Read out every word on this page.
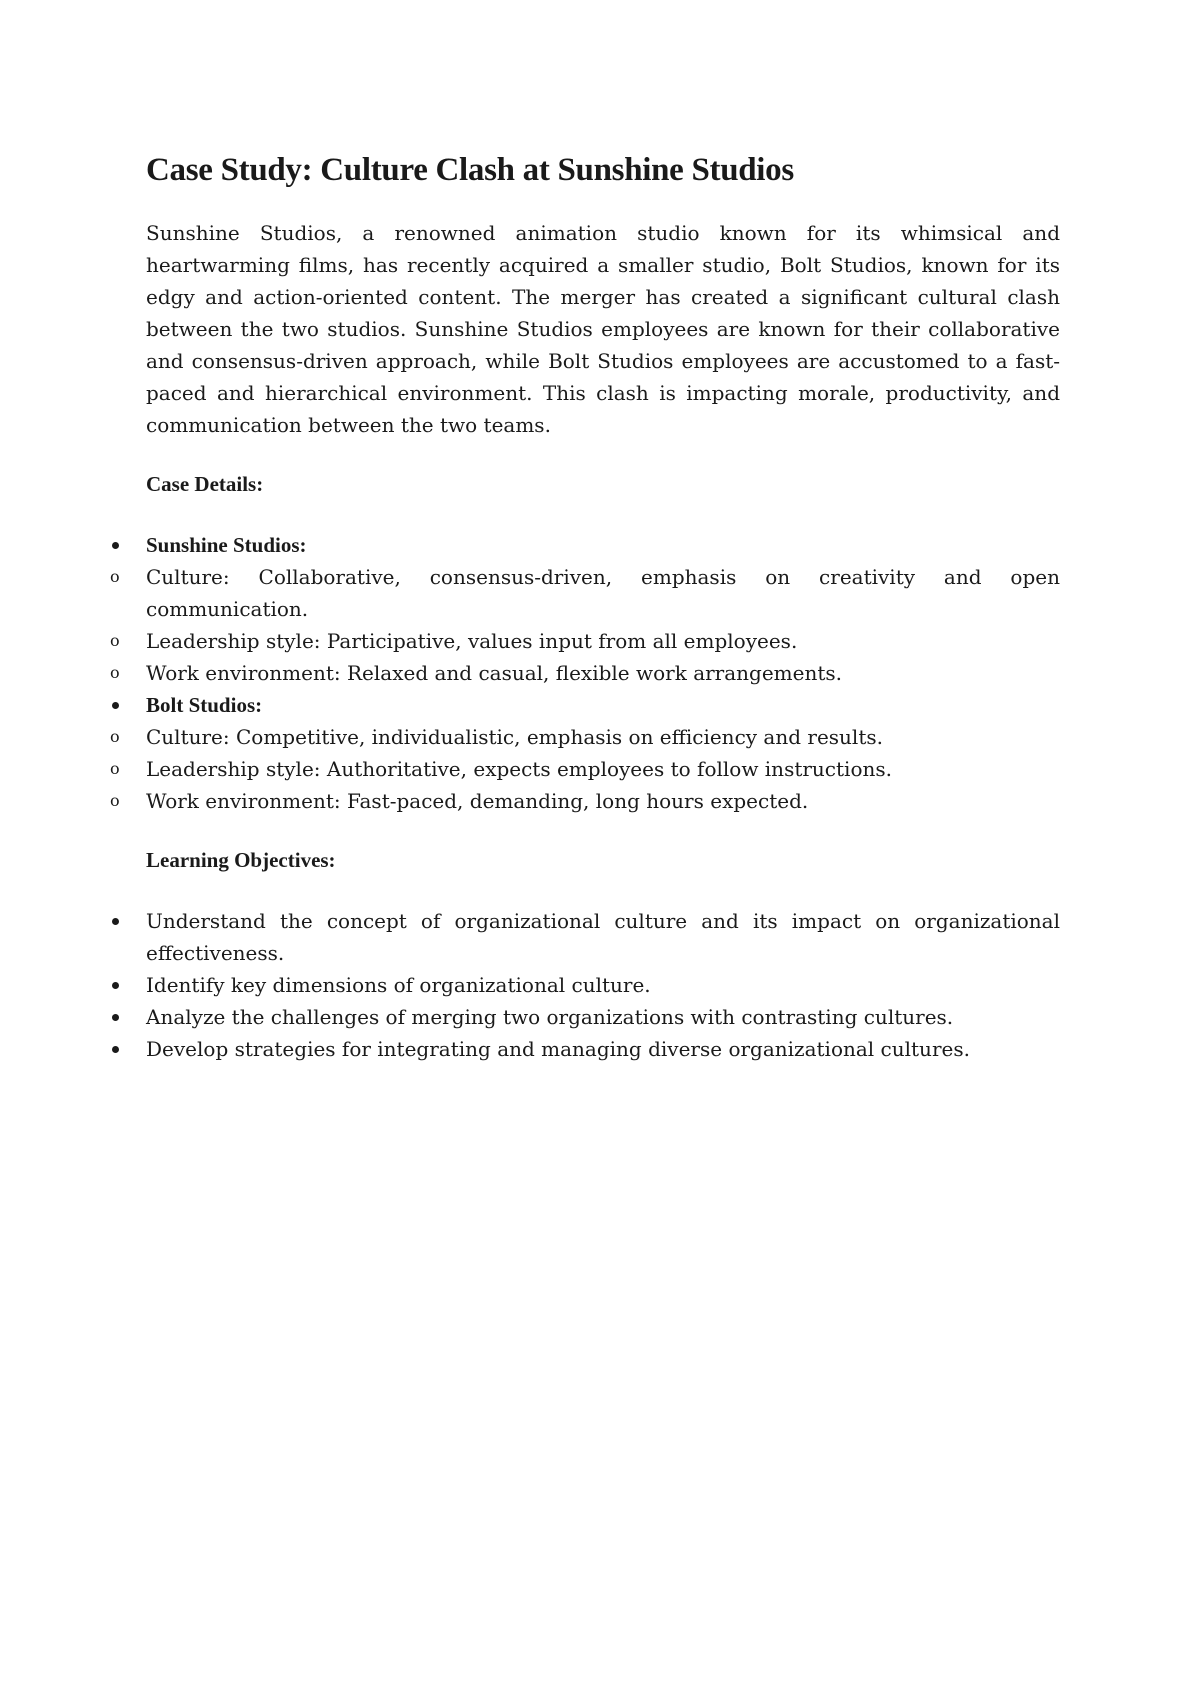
Case Study: Culture Clash at Sunshine Studios

Sunshine Studios, a renowned animation studio known for its whimsical and heartwarming films, has recently acquired a smaller studio, Bolt Studios, known for its edgy and action-oriented content. The merger has created a significant cultural clash between the two studios. Sunshine Studios employees are known for their collaborative and consensus-driven approach, while Bolt Studios employees are accustomed to a fast-paced and hierarchical environment. This clash is impacting morale, productivity, and communication between the two teams.

Case Details:
Sunshine Studios:
o	Culture: Collaborative, consensus-driven, emphasis on creativity and open communication.
o	Leadership style: Participative, values input from all employees.
o	Work environment: Relaxed and casual, flexible work arrangements.
Bolt Studios:
o	Culture: Competitive, individualistic, emphasis on efficiency and results.
o	Leadership style: Authoritative, expects employees to follow instructions.
o	Work environment: Fast-paced, demanding, long hours expected.
Learning Objectives:
Understand the concept of organizational culture and its impact on organizational effectiveness.
Identify key dimensions of organizational culture.
Analyze the challenges of merging two organizations with contrasting cultures.
Develop strategies for integrating and managing diverse organizational cultures.
